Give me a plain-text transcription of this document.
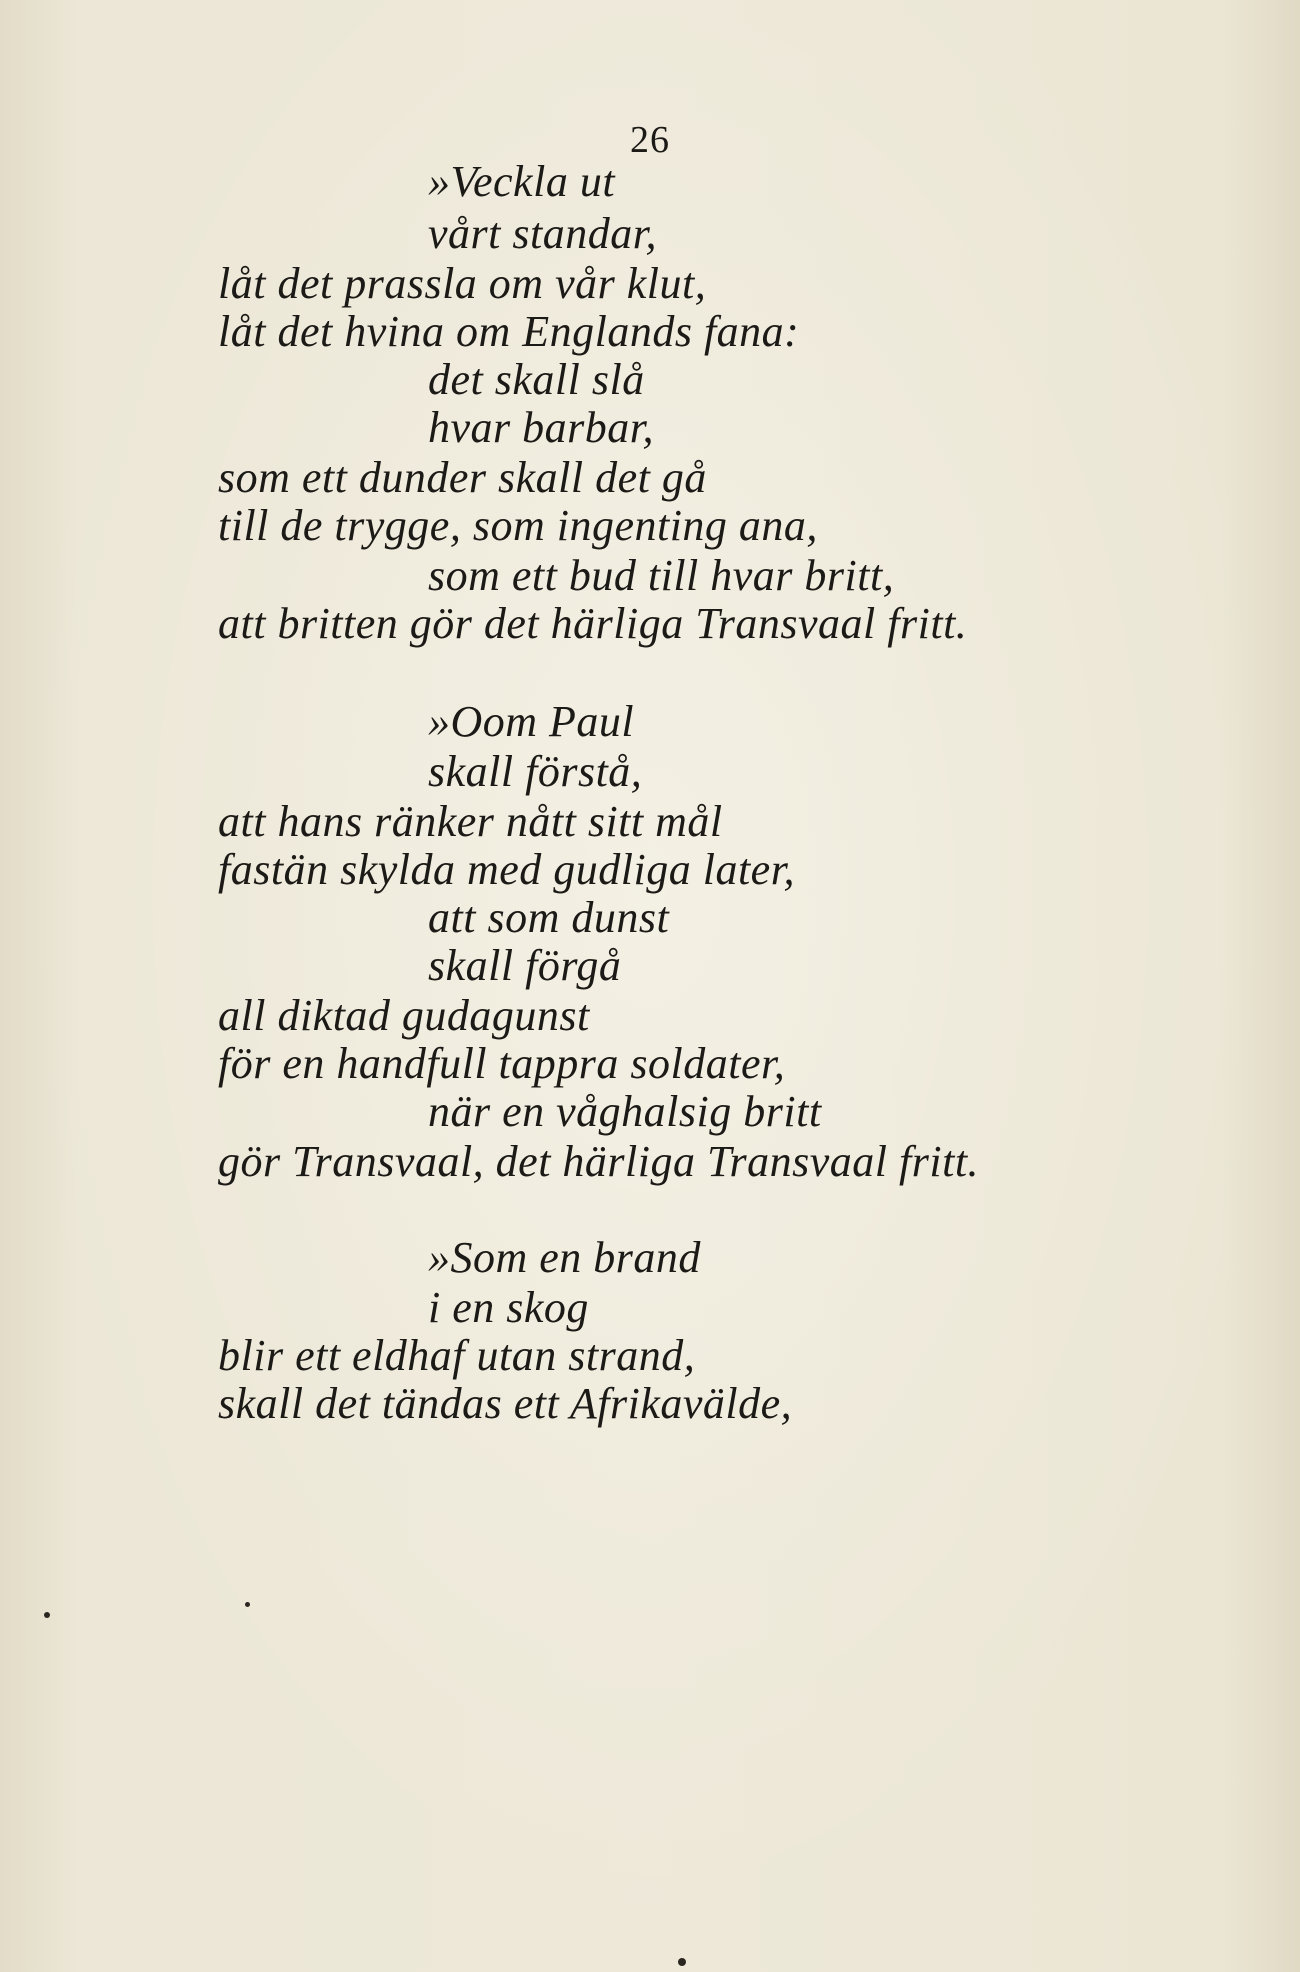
26
»Veckla ut
vårt standar,
låt det prassla om vår klut,
låt det hvina om Englands fana:
det skall slå
hvar barbar,
som ett dunder skall det gå
till de trygge, som ingenting ana,
som ett bud till hvar britt,
att britten gör det härliga Transvaal fritt.
»Oom Paul
skall förstå,
att hans ränker nått sitt mål
fastän skylda med gudliga later,
att som dunst
skall förgå
all diktad gudagunst
för en handfull tappra soldater,
när en våghalsig britt
gör Transvaal, det härliga Transvaal fritt.
»Som en brand
i en skog
blir ett eldhaf utan strand,
skall det tändas ett Afrikavälde,
